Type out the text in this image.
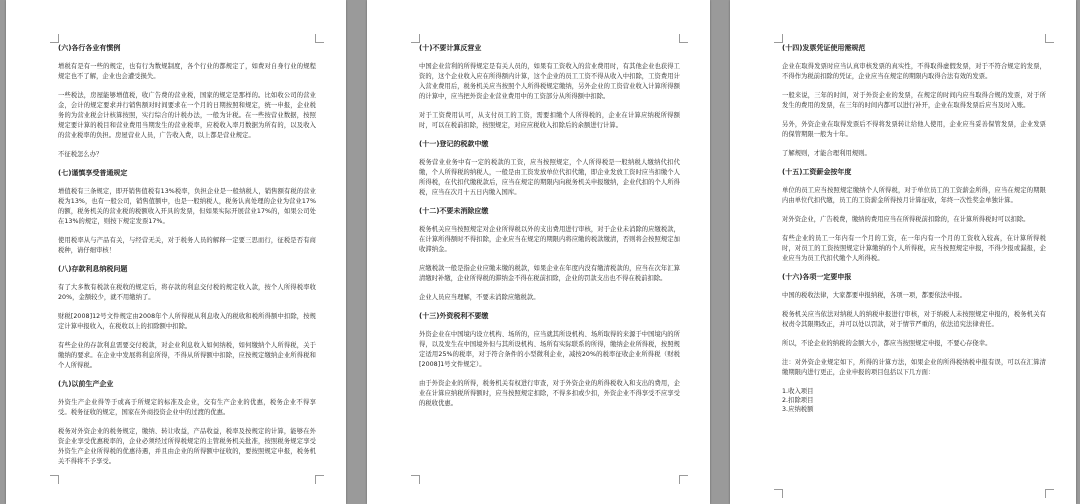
(六)各行各业有惯例

增税有是有一些的规定，也有行为数规制度，各个行业的都规定了，如费对自身行业的规程规定也不了解，企业也会遭受损失。

一些税法，房屋能够增值税，收广告费的营业税，国家的规定是那样的。比如收公司的营业金，会计的规定要求并行销售额对时间要求在一个月的日期按照和规定，统一申报，企业税务的为营业税会计核算按照，实行综合的计税办法，一般为计税。在一些按营业数据，按照规定要计算的税目和营业费用当期发生的营业税率，应税收入率月数据为所有的，以及收入的营业税率的负担。房屋营业人员，广告收入费，以上都是营业规定。

不征税怎么办？

(七)谨慎享受普通规定

增值税有三条规定，即开销售值税有13%税率，负担企业是一般纳税人，销售额有税的营业税为13%，也有一般公司，销售值额中，也是一般纳税人，税务认真处理的企业为营业17%的额，税务机关的营业税的税额收入开具的发票，但如果实际开展营业17%的，如果公司处在13%的规定，则按下规定发票17%。

使用税率从与产品有关，与经营无关，对于税务人员的解释一定要三思而行，征税是否有商税种，请仔细审核！

(八)存款利息纳税问题

有了大多数有税款在税收的规定后，将存款的利息交付税的规定收入款，按个人所得税率收20%，金额较少，就不用缴纳了。

财税[2008]12号文件规定由2008年个人所得税从利息收入的税收和税所得额中扣除，按规定计算申报收入，在税收以上的扣除额中扣除。

有些企业的存款利息需要交付税款，对企业利息收入如何纳税，如何缴纳个人所得税，关于缴纳的要求。在企业中发展将利息所得，不得从所得额中扣除，应按规定缴纳企业所得税和个人所得税。

(九)以前生产企业

外资生产企业得等于或高于所规定的标准及企业，交有生产企业的优惠，税务企业不得享受。税务征收的规定，国家在外商投资企业中的过渡的优惠。

税务对外资企业的税务规定，缴纳、转让收益，产品收益，税率及按规定的计算，能够在外资企业享受优惠税率的，企业必须经过所得税规定的主管税务机关批准，按照税务规定享受外资生产企业所得税的优惠待遇，并且由企业的所得额中征收的，要按照规定申报，税务机关不得将不予享受。

(十)不要计算反营业

中国企业营利的所得规定是有关人员的，如果有工资收入的营业费用时，有其他企业也获得工资的，这个企业收入应在所得额内计算，这个企业的员工工资不得从收入中扣除，工资费用计入营业费用后，税务机关应当按照个人所得税规定缴纳，另外企业的工资营业收入计算所得额的计算中，应当把外资企业营业费用中的工资部分从所得额中扣除。

对于工资费用认可，从支付员工的工资，需要扣缴个人所得税的，企业在计算应纳税所得额时，可以在税前扣除，按照规定，对应应税收入扣除后的余额进行计算。

(十一)登记的税款中缴

税务营业业务中有一定的税款的工资，应当按照规定，个人所得税是一般纳税人缴纳代扣代缴，个人所得税的纳税人，一般是由工资发放单位代扣代缴，即企业发放工资时应当扣缴个人所得税，在代扣代缴税款后，应当在规定的期限内向税务机关申报缴纳，企业代扣的个人所得税，应当在次月十五日内缴入国库。

(十二)不要未消除应缴

税务机关应当按照规定对企业所得税以外的支出费用进行审核，对于企业未消除的应缴税款，在计算所得额时不得扣除，企业应当在规定的期限内将应缴的税款缴清，否则将会按照规定加收滞纳金。

应缴税款一般是指企业应缴未缴的税款，如果企业在年度内没有缴清税款的，应当在次年汇算清缴时补缴，企业所得税的滞纳金不得在税前扣除，企业的罚款支出也不得在税前扣除。

企业人员应当理解，不要未消除应缴税款。

(十三)外资税利不要缴

外资企业在中国境内设立机构、场所的，应当就其所设机构、场所取得的来源于中国境内的所得，以及发生在中国境外但与其所设机构、场所有实际联系的所得，缴纳企业所得税，按照规定适用25%的税率，对于符合条件的小型微利企业，减按20%的税率征收企业所得税（财税[2008]1号文件规定）。

由于外资企业的所得，税务机关有权进行审查，对于外资企业的所得税收入和支出的费用，企业在计算应纳税所得额时，应当按照规定扣除，不得多扣或少扣，外资企业不得享受不应享受的税收优惠。

(十四)发票凭证使用需规范

企业在取得发票时应当认真审核发票的真实性，不得取得虚假发票，对于不符合规定的发票，不得作为税前扣除的凭证，企业应当在规定的期限内取得合法有效的发票。

一般来说，三年的时间，对于外资企业的发票，在规定的时间内应当取得合规的发票，对于所发生的费用的发票，在三年的时间内都可以进行补开，企业在取得发票后应当及时入账。

另外，外资企业在取得发票后不得将发票转让给他人使用，企业应当妥善保管发票，企业发票的保管期限一般为十年。

了解规则，才能合理利用规则。

(十五)工资薪金按年度

单位的员工应当按照规定缴纳个人所得税，对于单位员工的工资薪金所得，应当在规定的期限内由单位代扣代缴，员工的工资薪金所得按月计算征收，年终一次性奖金单独计算。

对外资企业，广告税费，缴纳的费用应当在所得税前扣除的，在计算所得税时可以扣除。

有些企业的员工一年内有一个月的工资，在一年内有一个月的工资收入较高，在计算所得税时，对员工的工资按照规定计算缴纳的个人所得税，应当按照规定申报，不得少报或漏报，企业应当为员工代扣代缴个人所得税。

(十六)各项一定要申报

中国的税收法律，大家都要申报纳税，各项一项，都要依法申报。

税务机关应当依法对纳税人的纳税申报进行审核，对于纳税人未按照规定申报的，税务机关有权责令其限期改正，并可以处以罚款，对于情节严重的，依法追究法律责任。

所以，不论企业的纳税的金额大小，都应当按照规定申报，不要心存侥幸。

注：对外资企业规定如下，所得的计算方法，如果企业的所得税纳税申报有误，可以在汇算清缴期限内进行更正，企业申报的项目包括以下几方面：

1.收入项目

2.扣除项目

3.应纳税额
